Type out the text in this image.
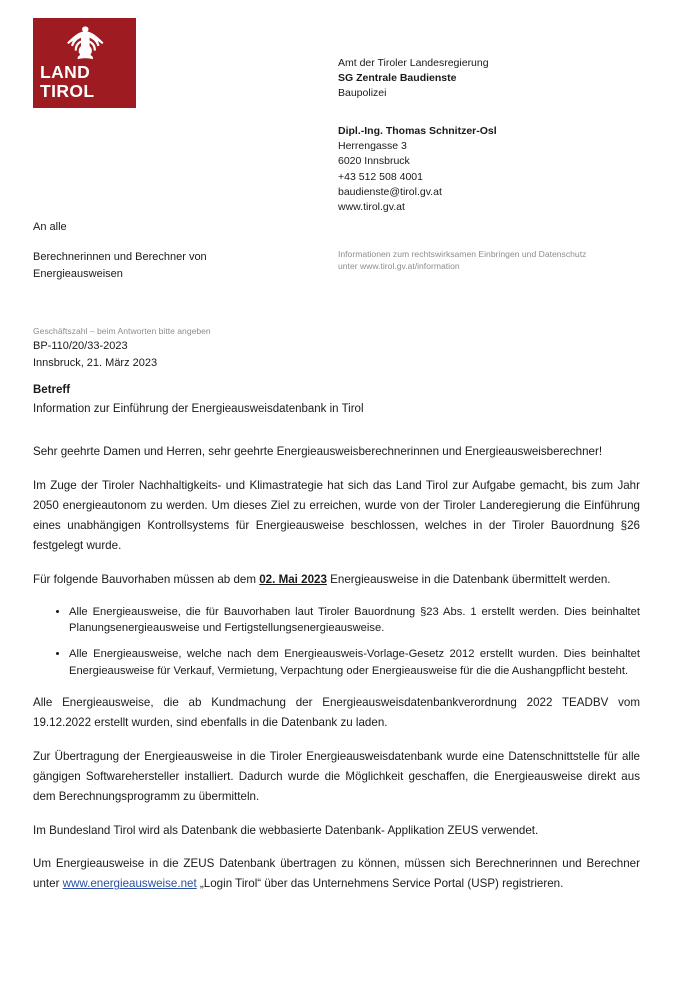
LAND
TIROL
Amt der Tiroler Landesregierung
SG Zentrale Baudienste
Baupolizei
Dipl.-Ing. Thomas Schnitzer-Osl
Herrengasse 3
6020 Innsbruck
+43 512 508 4001
baudienste@tirol.gv.at
www.tirol.gv.at
Informationen zum rechtswirksamen Einbringen und Datenschutz unter www.tirol.gv.at/information
An alle
Berechnerinnen und Berechner von Energieausweisen
Geschäftszahl – beim Antworten bitte angeben
BP-110/20/33-2023
Innsbruck, 21. März 2023
Betreff
Information zur Einführung der Energieausweisdatenbank in Tirol

Sehr geehrte Damen und Herren, sehr geehrte Energieausweisberechnerinnen und Energieausweisberechner!

Im Zuge der Tiroler Nachhaltigkeits- und Klimastrategie hat sich das Land Tirol zur Aufgabe gemacht, bis zum Jahr 2050 energieautonom zu werden. Um dieses Ziel zu erreichen, wurde von der Tiroler Landeregierung die Einführung eines unabhängigen Kontrollsystems für Energieausweise beschlossen, welches in der Tiroler Bauordnung §26 festgelegt wurde.

Für folgende Bauvorhaben müssen ab dem 02. Mai 2023 Energieausweise in die Datenbank übermittelt werden.

• Alle Energieausweise, die für Bauvorhaben laut Tiroler Bauordnung §23 Abs. 1 erstellt werden. Dies beinhaltet Planungsenergieausweise und Fertigstellungsenergieausweise.
• Alle Energieausweise, welche nach dem Energieausweis-Vorlage-Gesetz 2012 erstellt wurden. Dies beinhaltet Energieausweise für Verkauf, Vermietung, Verpachtung oder Energieausweise für die die Aushangpflicht besteht.

Alle Energieausweise, die ab Kundmachung der Energieausweisdatenbankverordnung 2022 TEADBV vom 19.12.2022 erstellt wurden, sind ebenfalls in die Datenbank zu laden.

Zur Übertragung der Energieausweise in die Tiroler Energieausweisdatenbank wurde eine Datenschnittstelle für alle gängigen Softwarehersteller installiert. Dadurch wurde die Möglichkeit geschaffen, die Energieausweise direkt aus dem Berechnungsprogramm zu übermitteln.

Im Bundesland Tirol wird als Datenbank die webbasierte Datenbank- Applikation ZEUS verwendet.

Um Energieausweise in die ZEUS Datenbank übertragen zu können, müssen sich Berechnerinnen und Berechner unter www.energieausweise.net „Login Tirol“ über das Unternehmens Service Portal (USP) registrieren.
